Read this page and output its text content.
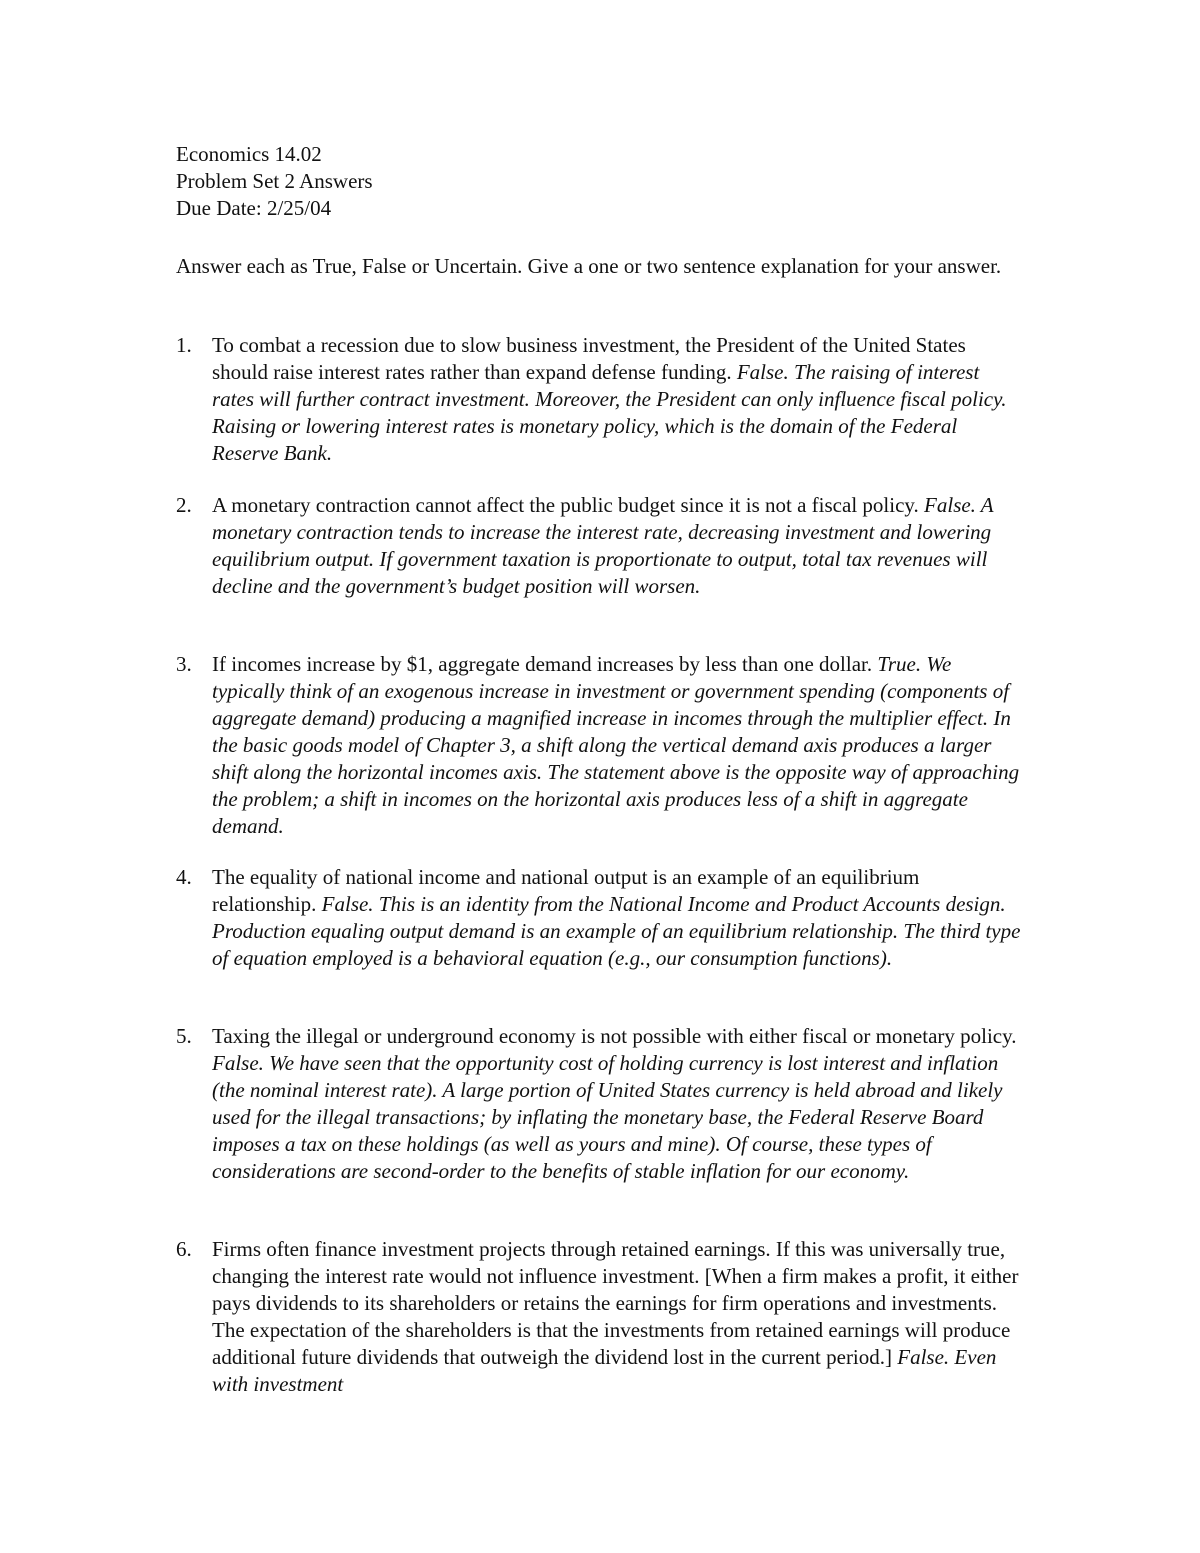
Economics 14.02
Problem Set 2 Answers
Due Date: 2/25/04
Answer each as True, False or Uncertain. Give a one or two sentence explanation for your answer.
1. To combat a recession due to slow business investment, the President of the United States should raise interest rates rather than expand defense funding. False. The raising of interest rates will further contract investment. Moreover, the President can only influence fiscal policy. Raising or lowering interest rates is monetary policy, which is the domain of the Federal Reserve Bank.
2. A monetary contraction cannot affect the public budget since it is not a fiscal policy. False. A monetary contraction tends to increase the interest rate, decreasing investment and lowering equilibrium output. If government taxation is proportionate to output, total tax revenues will decline and the government’s budget position will worsen.
3. If incomes increase by $1, aggregate demand increases by less than one dollar. True. We typically think of an exogenous increase in investment or government spending (components of aggregate demand) producing a magnified increase in incomes through the multiplier effect. In the basic goods model of Chapter 3, a shift along the vertical demand axis produces a larger shift along the horizontal incomes axis. The statement above is the opposite way of approaching the problem; a shift in incomes on the horizontal axis produces less of a shift in aggregate demand.
4. The equality of national income and national output is an example of an equilibrium relationship. False. This is an identity from the National Income and Product Accounts design. Production equaling output demand is an example of an equilibrium relationship. The third type of equation employed is a behavioral equation (e.g., our consumption functions).
5. Taxing the illegal or underground economy is not possible with either fiscal or monetary policy. False. We have seen that the opportunity cost of holding currency is lost interest and inflation (the nominal interest rate). A large portion of United States currency is held abroad and likely used for the illegal transactions; by inflating the monetary base, the Federal Reserve Board imposes a tax on these holdings (as well as yours and mine). Of course, these types of considerations are second-order to the benefits of stable inflation for our economy.
6. Firms often finance investment projects through retained earnings. If this was universally true, changing the interest rate would not influence investment. [When a firm makes a profit, it either pays dividends to its shareholders or retains the earnings for firm operations and investments. The expectation of the shareholders is that the investments from retained earnings will produce additional future dividends that outweigh the dividend lost in the current period.] False. Even with investment
